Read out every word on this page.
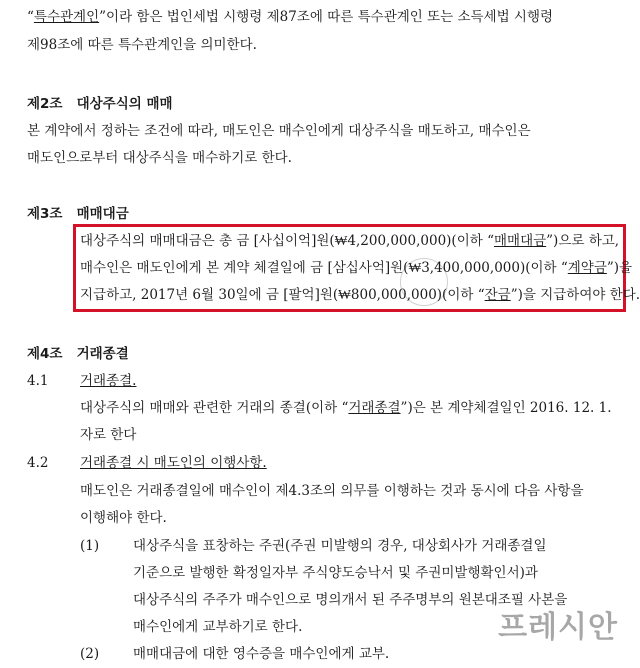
“특수관계인”이라 함은 법인세법 시행령 제87조에 따른 특수관계인 또는 소득세법 시행령
제98조에 따른 특수관계인을 의미한다.
제2조 대상주식의 매매
본 계약에서 정하는 조건에 따라, 매도인은 매수인에게 대상주식을 매도하고, 매수인은
매도인으로부터 대상주식을 매수하기로 한다.
제3조 매매대금
대상주식의 매매대금은 총 금 [사십이억]원(₩4,200,000,000)(이하 “매매대금”)으로 하고,
매수인은 매도인에게 본 계약 체결일에 금 [삼십사억]원(₩3,400,000,000)(이하 “계약금”)을
지급하고, 2017년 6월 30일에 금 [팔억]원(₩800,000,000)(이하 “잔금”)을 지급하여야 한다.
제4조 거래종결
4.1 거래종결.
대상주식의 매매와 관련한 거래의 종결(이하 “거래종결”)은 본 계약체결일인 2016. 12. 1.
자로 한다
4.2 거래종결 시 매도인의 이행사항.
매도인은 거래종결일에 매수인이 제4.3조의 의무를 이행하는 것과 동시에 다음 사항을
이행해야 한다.
(1)	대상주식을 표창하는 주권(주권 미발행의 경우, 대상회사가 거래종결일
기준으로 발행한 확정일자부 주식양도승낙서 및 주권미발행확인서)과
대상주식의 주주가 매수인으로 명의개서 된 주주명부의 원본대조필 사본을
매수인에게 교부하기로 한다.
(2)	매매대금에 대한 영수증을 매수인에게 교부.
프레시안
